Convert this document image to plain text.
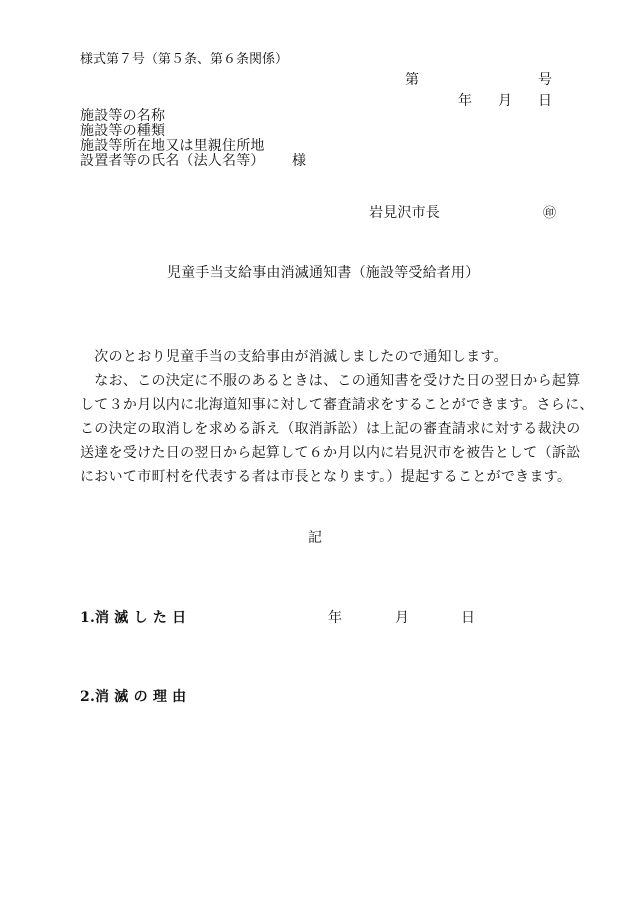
様式第７号（第５条、第６条関係）
第	号
年 月 日
施設等の名称
施設等の種類
施設等所在地又は里親住所地
設置者等の氏名（法人名等） 様
岩見沢市長	㊞
児童手当支給事由消滅通知書（施設等受給者用）
　次のとおり児童手当の支給事由が消滅しましたので通知します。
　なお、この決定に不服のあるときは、この通知書を受けた日の翌日から起算
して３か月以内に北海道知事に対して審査請求をすることができます。さらに、
この決定の取消しを求める訴え（取消訴訟）は上記の審査請求に対する裁決の
送達を受けた日の翌日から起算して６か月以内に岩見沢市を被告として（訴訟
において市町村を代表する者は市長となります。）提起することができます。
記
1.消 滅 し た 日	年	月	日
2.消 滅 の 理 由
